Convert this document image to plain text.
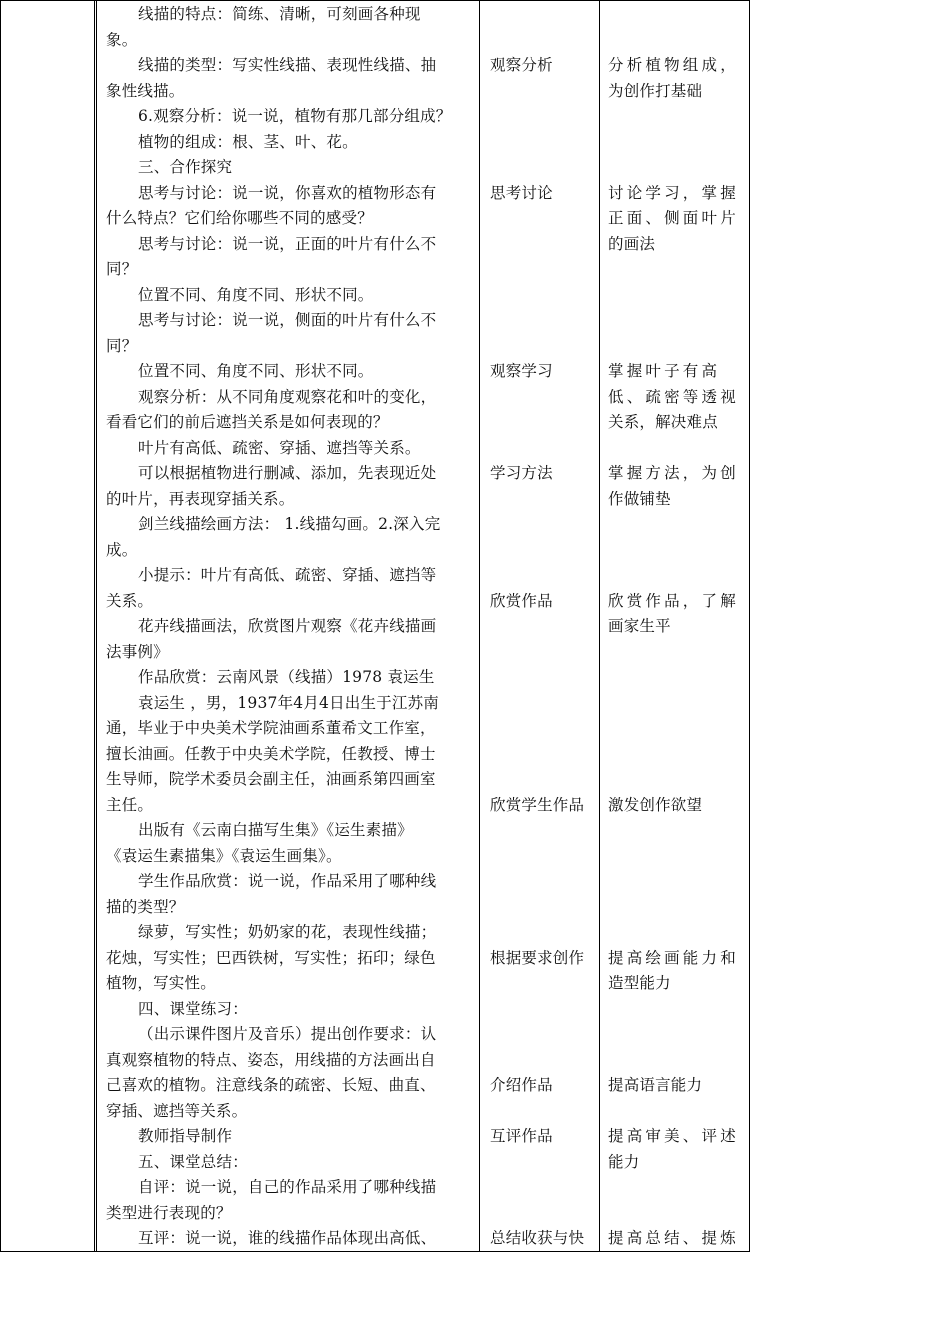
线描的特点：简练、清晰，可刻画各种现
象。
线描的类型：写实性线描、表现性线描、抽
象性线描。
6.观察分析：说一说，植物有那几部分组成？
植物的组成：根、茎、叶、花。
三、合作探究
思考与讨论：说一说，你喜欢的植物形态有
什么特点？它们给你哪些不同的感受？
思考与讨论：说一说，正面的叶片有什么不
同？
位置不同、角度不同、形状不同。
思考与讨论：说一说，侧面的叶片有什么不
同？
位置不同、角度不同、形状不同。
观察分析：从不同角度观察花和叶的变化，
看看它们的前后遮挡关系是如何表现的？
叶片有高低、疏密、穿插、遮挡等关系。
可以根据植物进行删减、添加，先表现近处
的叶片，再表现穿插关系。
剑兰线描绘画方法： 1.线描勾画。2.深入完
成。
小提示：叶片有高低、疏密、穿插、遮挡等
关系。
花卉线描画法，欣赏图片观察《花卉线描画
法事例》
作品欣赏：云南风景（线描）1978 袁运生
袁运生 ，男，1937年4月4日出生于江苏南
通，毕业于中央美术学院油画系董希文工作室，
擅长油画。任教于中央美术学院，任教授、博士
生导师，院学术委员会副主任，油画系第四画室
主任。
出版有《云南白描写生集》《运生素描》
《袁运生素描集》《袁运生画集》。
学生作品欣赏：说一说，作品采用了哪种线
描的类型？
绿萝，写实性；奶奶家的花，表现性线描；
花烛，写实性；巴西铁树，写实性；拓印；绿色
植物，写实性。
四、课堂练习：
（出示课件图片及音乐）提出创作要求：认
真观察植物的特点、姿态，用线描的方法画出自
己喜欢的植物。注意线条的疏密、长短、曲直、
穿插、遮挡等关系。
教师指导制作
五、课堂总结：
自评：说一说，自己的作品采用了哪种线描
类型进行表现的？
互评：说一说，谁的线描作品体现出高低、
观察分析
思考讨论
观察学习
学习方法
欣赏作品
欣赏学生作品
根据要求创作
介绍作品
互评作品
总结收获与快
分析植物组成，
为创作打基础
讨论学习，掌握
正面、侧面叶片
的画法
掌握叶子有高
低、疏密等透视
关系，解决难点
掌握方法，为创
作做铺垫
欣赏作品，了解
画家生平
激发创作欲望
提高绘画能力和
造型能力
提高语言能力
提高审美、评述
能力
提高总结、提炼
